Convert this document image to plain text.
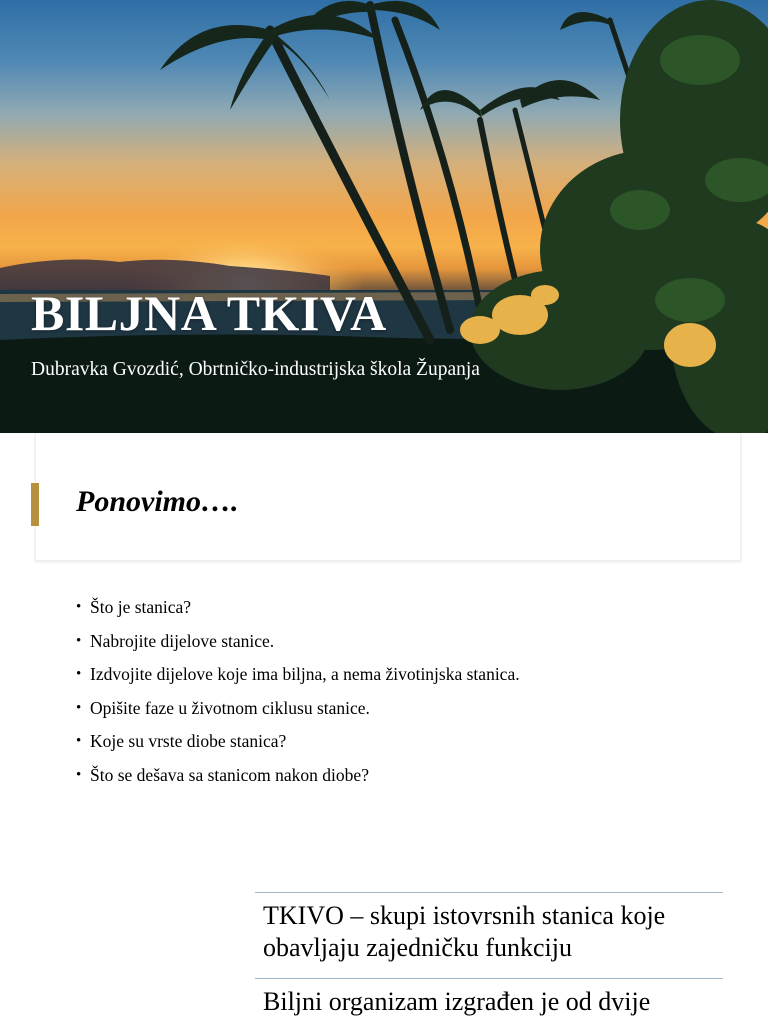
BILJNA TKIVA

Dubravka Gvozdić, Obrtničko-industrijska škola Županja

Ponovimo….
• Što je stanica?
• Nabrojite dijelove stanice.
• Izdvojite dijelove koje ima biljna, a nema životinjska stanica.
• Opišite faze u životnom ciklusu stanice.
• Koje su vrste diobe stanica?
• Što se dešava sa stanicom nakon diobe?

TKIVO – skupi istovrsnih stanica koje

obavljaju zajedničku funkciju

Biljni organizam izgrađen je od dvije
